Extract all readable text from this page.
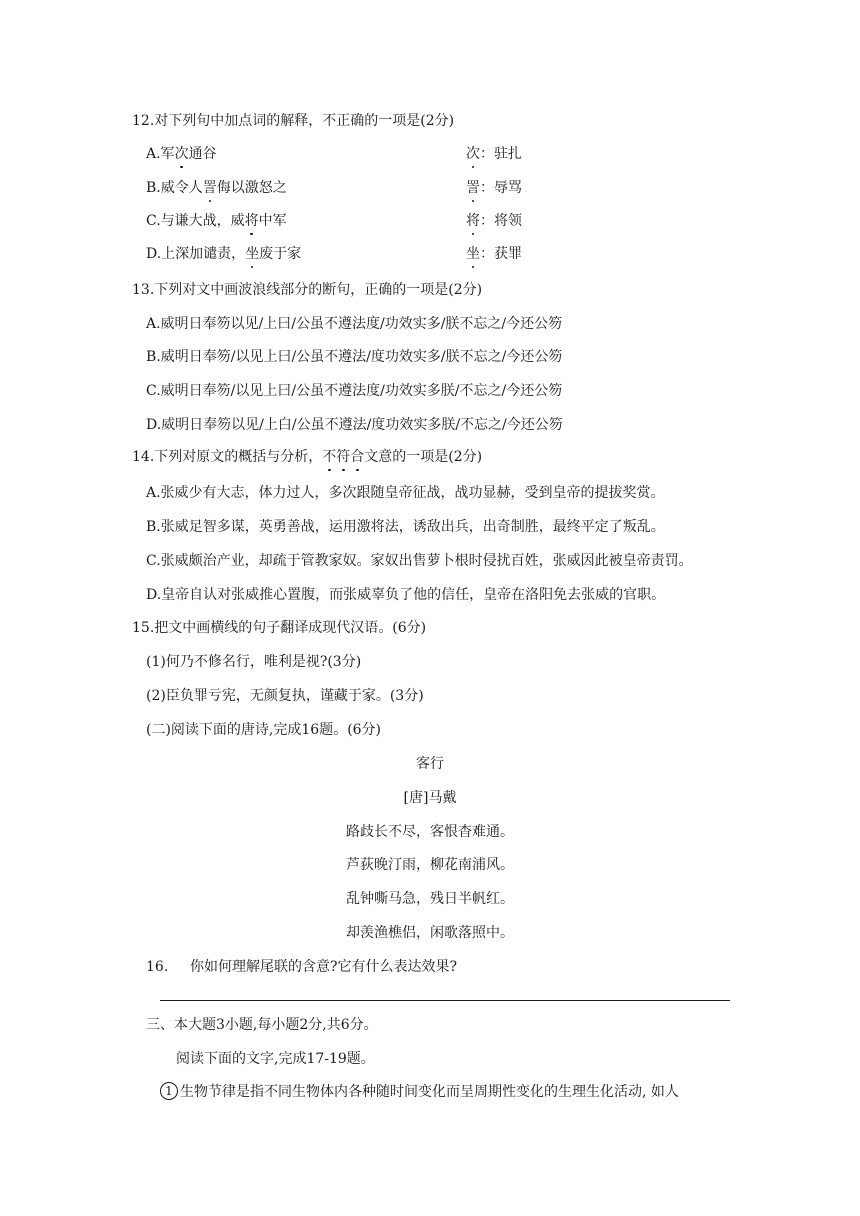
12.对下列句中加点词的解释，不正确的一项是(2分)
A.军次通谷	次：驻扎
B.威令人詈侮以激怒之	詈：辱骂
C.与谦大战，威将中军	将：将领
D.上深加谴责，坐废于家	坐：获罪
13.下列对文中画波浪线部分的断句，正确的一项是(2分)
A.威明日奉笏以见/上曰/公虽不遵法度/功效实多/朕不忘之/今还公笏
B.威明日奉笏/以见上曰/公虽不遵法/度功效实多/朕不忘之/今还公笏
C.威明日奉笏/以见上曰/公虽不遵法度/功效实多朕/不忘之/今还公笏
D.威明日奉笏以见/上白/公虽不遵法/度功效实多朕/不忘之/今还公笏
14.下列对原文的概括与分析，不符合文意的一项是(2分)
A.张威少有大志，体力过人，多次跟随皇帝征战，战功显赫，受到皇帝的提拔奖赏。
B.张威足智多谋，英勇善战，运用激将法，诱敌出兵，出奇制胜，最终平定了叛乱。
C.张威颇治产业，却疏于管教家奴。家奴出售萝卜根时侵扰百姓，张威因此被皇帝责罚。
D.皇帝自认对张威推心置腹，而张威辜负了他的信任，皇帝在洛阳免去张威的官职。
15.把文中画横线的句子翻译成现代汉语。(6分)
(1)何乃不修名行，唯利是视?(3分)
(2)臣负罪亏宪，无颜复执，谨藏于家。(3分)
(二)阅读下面的唐诗,完成16题。(6分)
客行
[唐]马戴
路歧长不尽，客恨杳难通。
芦荻晚汀雨，柳花南浦风。
乱钟嘶马急，残日半帆红。
却羡渔樵侣，闲歌落照中。
16. 你如何理解尾联的含意?它有什么表达效果?
三、本大题3小题,每小题2分,共6分。
阅读下面的文字,完成17-19题。
1 生物节律是指不同生物体内各种随时间变化而呈周期性变化的生理生化活动, 如人
